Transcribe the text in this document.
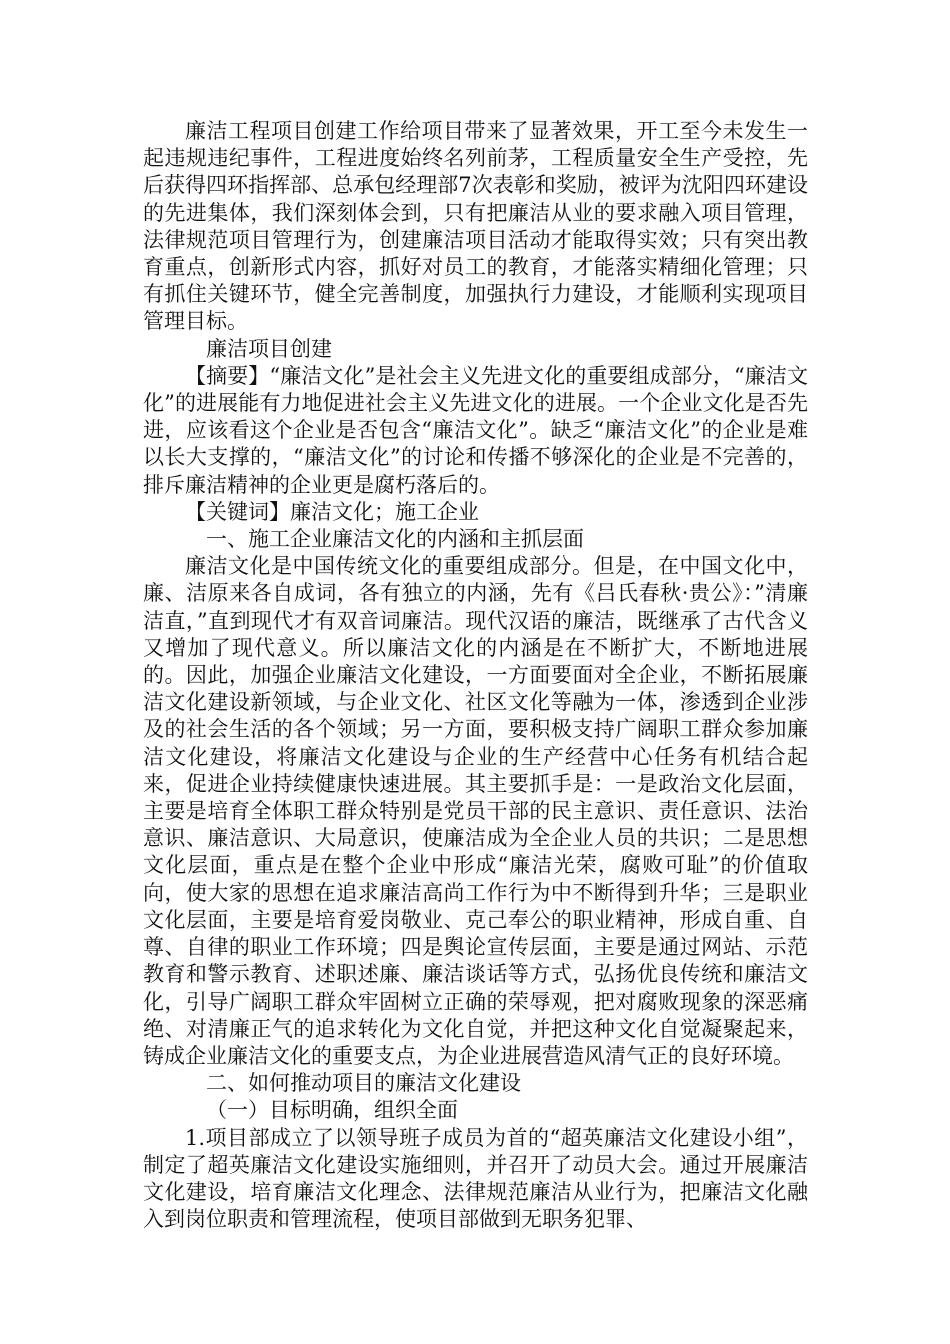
廉洁工程项目创建工作给项目带来了显著效果，开工至今未发生一起违规违纪事件，工程进度始终名列前茅，工程质量安全生产受控，先后获得四环指挥部、总承包经理部7次表彰和奖励，被评为沈阳四环建设的先进集体，我们深刻体会到，只有把廉洁从业的要求融入项目管理，法律规范项目管理行为，创建廉洁项目活动才能取得实效；只有突出教育重点，创新形式内容，抓好对员工的教育，才能落实精细化管理；只有抓住关键环节，健全完善制度，加强执行力建设，才能顺利实现项目管理目标。

廉洁项目创建

【摘要】“廉洁文化”是社会主义先进文化的重要组成部分，“廉洁文化”的进展能有力地促进社会主义先进文化的进展。一个企业文化是否先进，应该看这个企业是否包含“廉洁文化”。缺乏“廉洁文化”的企业是难以长大支撑的，“廉洁文化”的讨论和传播不够深化的企业是不完善的，排斥廉洁精神的企业更是腐朽落后的。

【关键词】廉洁文化；施工企业

一、施工企业廉洁文化的内涵和主抓层面

廉洁文化是中国传统文化的重要组成部分。但是，在中国文化中，廉、洁原来各自成词，各有独立的内涵，先有《吕氏春秋·贵公》：”清廉洁直，”直到现代才有双音词廉洁。现代汉语的廉洁，既继承了古代含义又增加了现代意义。所以廉洁文化的内涵是在不断扩大，不断地进展的。因此，加强企业廉洁文化建设，一方面要面对全企业，不断拓展廉洁文化建设新领域，与企业文化、社区文化等融为一体，渗透到企业涉及的社会生活的各个领域；另一方面，要积极支持广阔职工群众参加廉洁文化建设，将廉洁文化建设与企业的生产经营中心任务有机结合起来，促进企业持续健康快速进展。其主要抓手是：一是政治文化层面，主要是培育全体职工群众特别是党员干部的民主意识、责任意识、法治意识、廉洁意识、大局意识，使廉洁成为全企业人员的共识；二是思想文化层面，重点是在整个企业中形成“廉洁光荣，腐败可耻”的价值取向，使大家的思想在追求廉洁高尚工作行为中不断得到升华；三是职业文化层面，主要是培育爱岗敬业、克己奉公的职业精神，形成自重、自尊、自律的职业工作环境；四是舆论宣传层面，主要是通过网站、示范教育和警示教育、述职述廉、廉洁谈话等方式，弘扬优良传统和廉洁文化，引导广阔职工群众牢固树立正确的荣辱观，把对腐败现象的深恶痛绝、对清廉正气的追求转化为文化自觉，并把这种文化自觉凝聚起来，铸成企业廉洁文化的重要支点，为企业进展营造风清气正的良好环境。

二、如何推动项目的廉洁文化建设

（一）目标明确，组织全面

1.项目部成立了以领导班子成员为首的“超英廉洁文化建设小组”，制定了超英廉洁文化建设实施细则，并召开了动员大会。通过开展廉洁文化建设，培育廉洁文化理念、法律规范廉洁从业行为，把廉洁文化融入到岗位职责和管理流程，使项目部做到无职务犯罪、
